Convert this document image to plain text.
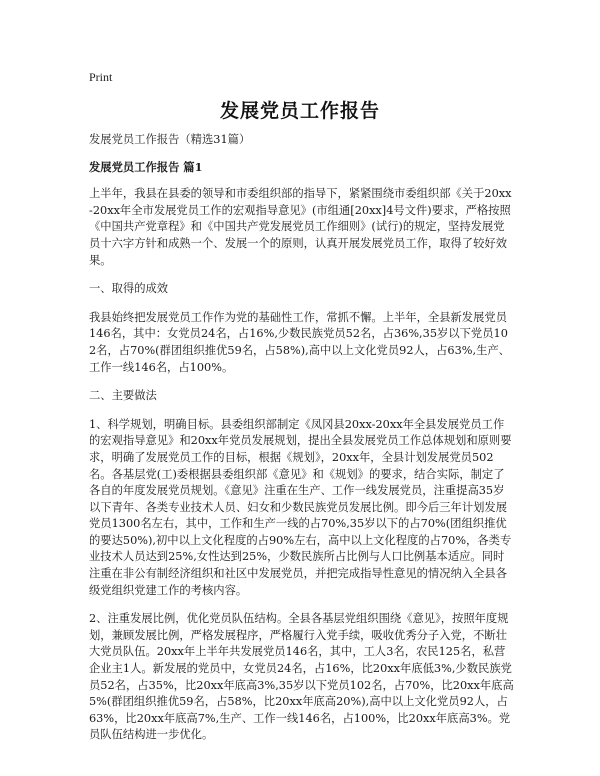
Print
发展党员工作报告

发展党员工作报告（精选31篇）

发展党员工作报告 篇1

上半年，我县在县委的领导和市委组织部的指导下，紧紧围绕市委组织部《关于20xx-20xx年全市发展党员工作的宏观指导意见》(市组通[20xx]4号文件)要求，严格按照《中国共产党章程》和《中国共产党发展党员工作细则》(试行)的规定，坚持发展党员十六字方针和成熟一个、发展一个的原则，认真开展发展党员工作，取得了较好效果。

一、取得的成效

我县始终把发展党员工作作为党的基础性工作，常抓不懈。上半年，全县新发展党员146名，其中：女党员24名，占16%,少数民族党员52名，占36%,35岁以下党员102名，占70%(群团组织推优59名，占58%),高中以上文化党员92人，占63%,生产、工作一线146名，占100%。

二、主要做法

1、科学规划，明确目标。县委组织部制定《凤冈县20xx-20xx年全县发展党员工作的宏观指导意见》和20xx年党员发展规划，提出全县发展党员工作总体规划和原则要求，明确了发展党员工作的目标，根据《规划》，20xx年，全县计划发展党员502名。各基层党(工)委根据县委组织部《意见》和《规划》的要求，结合实际，制定了各自的年度发展党员规划。《意见》注重在生产、工作一线发展党员，注重提高35岁以下青年、各类专业技术人员、妇女和少数民族党员发展比例。即今后三年计划发展党员1300名左右，其中，工作和生产一线的占70%,35岁以下的占70%(团组织推优的要达50%),初中以上文化程度的占90%左右，高中以上文化程度的占70%，各类专业技术人员达到25%,女性达到25%，少数民族所占比例与人口比例基本适应。同时注重在非公有制经济组织和社区中发展党员，并把完成指导性意见的情况纳入全县各级党组织党建工作的考核内容。

2、注重发展比例，优化党员队伍结构。全县各基层党组织围绕《意见》，按照年度规划，兼顾发展比例，严格发展程序，严格履行入党手续，吸收优秀分子入党，不断壮大党员队伍。20xx年上半年共发展党员146名，其中，工人3名，农民125名，私营企业主1人。新发展的党员中，女党员24名，占16%，比20xx年底低3%,少数民族党员52名，占35%，比20xx年底高3%,35岁以下党员102名，占70%，比20xx年底高5%(群团组织推优59名，占58%，比20xx年底高20%),高中以上文化党员92人，占63%，比20xx年底高7%,生产、工作一线146名，占100%，比20xx年底高3%。党员队伍结构进一步优化。
